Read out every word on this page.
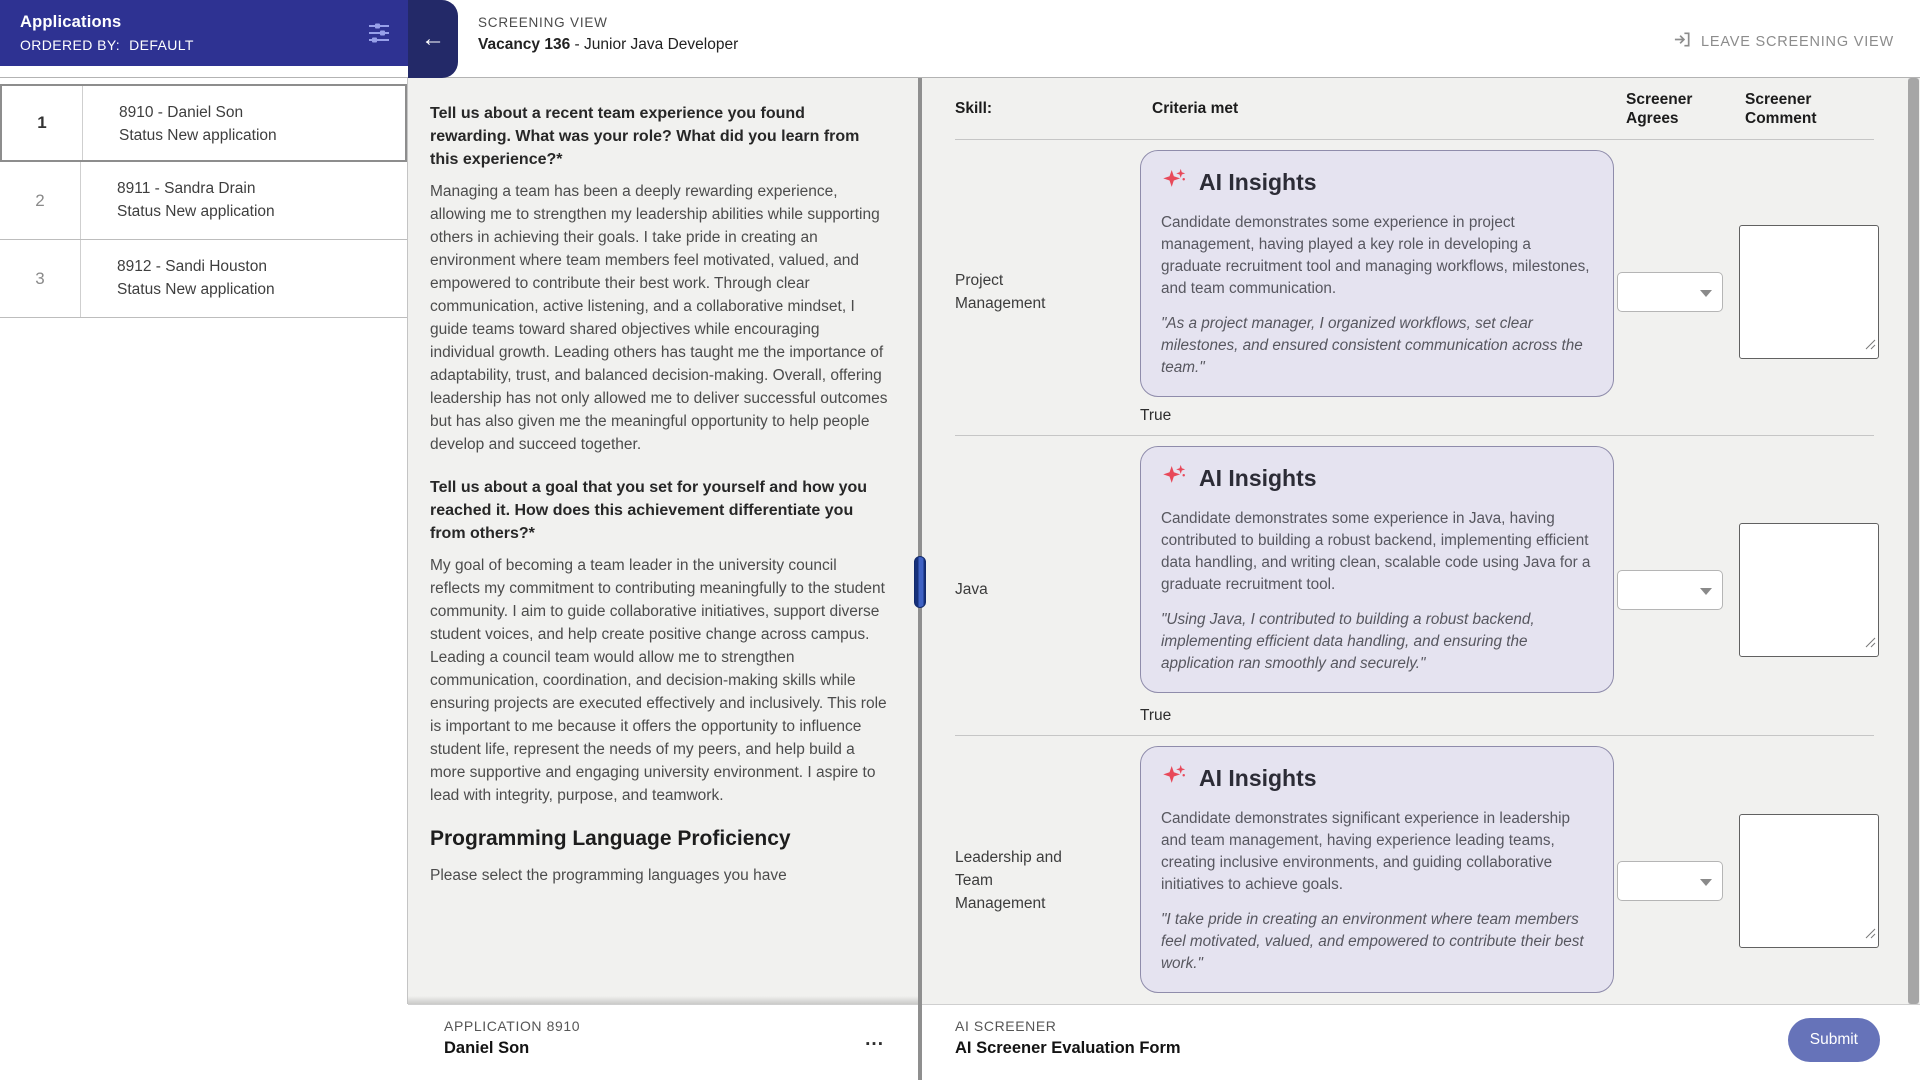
Applications
ORDERED BY: DEFAULT	←
SCREENING VIEW
Vacancy 136 - Junior Java Developer	LEAVE SCREENING VIEW
1
8910 - Daniel Son
Status New application
2
8911 - Sandra Drain
Status New application
3
8912 - Sandi Houston
Status New application
Tell us about a recent team experience you found rewarding. What was your role? What did you learn from this experience?*
Managing a team has been a deeply rewarding experience, allowing me to strengthen my leadership abilities while supporting others in achieving their goals. I take pride in creating an environment where team members feel motivated, valued, and empowered to contribute their best work. Through clear communication, active listening, and a collaborative mindset, I guide teams toward shared objectives while encouraging individual growth. Leading others has taught me the importance of adaptability, trust, and balanced decision-making. Overall, offering leadership has not only allowed me to deliver successful outcomes but has also given me the meaningful opportunity to help people develop and succeed together.
Tell us about a goal that you set for yourself and how you reached it. How does this achievement differentiate you from others?*
My goal of becoming a team leader in the university council reflects my commitment to contributing meaningfully to the student community. I aim to guide collaborative initiatives, support diverse student voices, and help create positive change across campus. Leading a council team would allow me to strengthen communication, coordination, and decision-making skills while ensuring projects are executed effectively and inclusively. This role is important to me because it offers the opportunity to influence student life, represent the needs of my peers, and help build a more supportive and engaging university environment. I aspire to lead with integrity, purpose, and teamwork.
Programming Language Proficiency
Please select the programming languages you have
Skill:	Criteria met
Screener Agrees
Screener Comment
Project Management
AI Insights
Candidate demonstrates some experience in project management, having played a key role in developing a graduate recruitment tool and managing workflows, milestones, and team communication.
"As a project manager, I organized workflows, set clear milestones, and ensured consistent communication across the team."
True
Java
AI Insights
Candidate demonstrates some experience in Java, having contributed to building a robust backend, implementing efficient data handling, and writing clean, scalable code using Java for a graduate recruitment tool.
"Using Java, I contributed to building a robust backend, implementing efficient data handling, and ensuring the application ran smoothly and securely."
True
Leadership and Team Management
AI Insights
Candidate demonstrates significant experience in leadership and team management, having experience leading teams, creating inclusive environments, and guiding collaborative initiatives to achieve goals.
"I take pride in creating an environment where team members feel motivated, valued, and empowered to contribute their best work."
APPLICATION 8910
Daniel Son	...
AI SCREENER
AI Screener Evaluation Form	Submit
